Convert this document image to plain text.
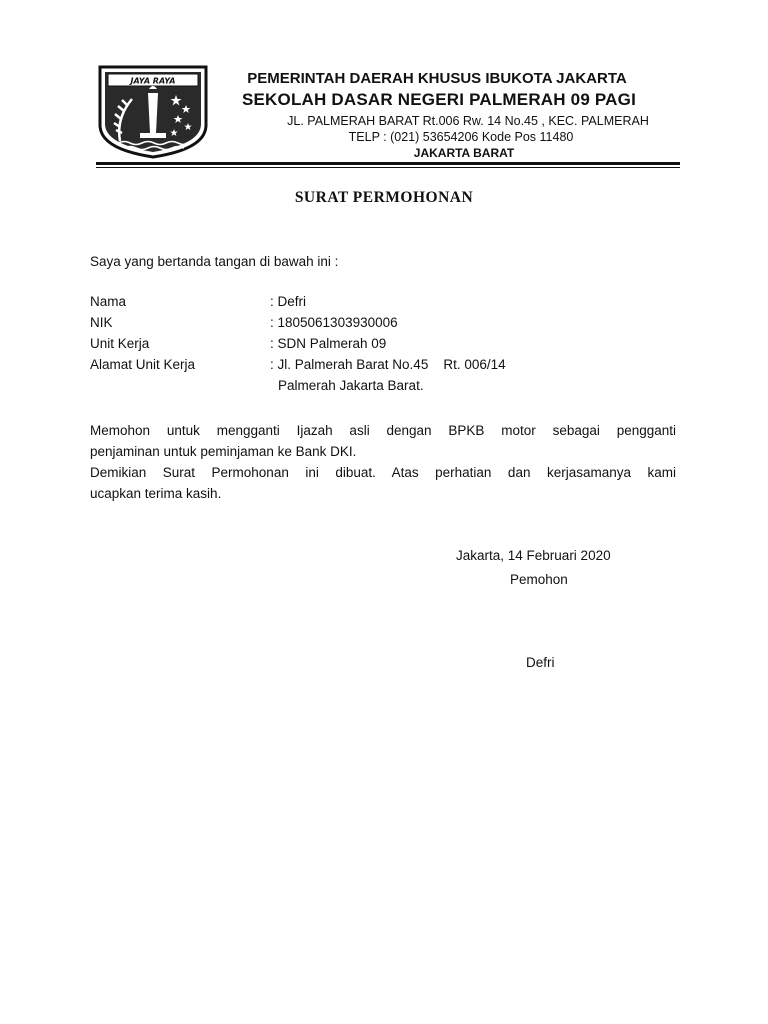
JAYA RAYA	PEMERINTAH DAERAH KHUSUS IBUKOTA JAKARTA
SEKOLAH DASAR NEGERI PALMERAH 09 PAGI
JL. PALMERAH BARAT Rt.006 Rw. 14 No.45 , KEC. PALMERAH
TELP : (021) 53654206 Kode Pos 11480
JAKARTA BARAT
SURAT PERMOHONAN
Saya yang bertanda tangan di bawah ini :
Nama	: Defri
NIK	: 1805061303930006
Unit Kerja	: SDN Palmerah 09
Alamat Unit Kerja	: Jl. Palmerah Barat No.45    Rt. 006/14
Palmerah Jakarta Barat.
Memohon untuk mengganti Ijazah asli dengan BPKB motor sebagai pengganti
penjaminan untuk peminjaman ke Bank DKI.
Demikian Surat Permohonan ini dibuat. Atas perhatian dan kerjasamanya kami
ucapkan terima kasih.
Jakarta, 14 Februari 2020
Pemohon
Defri
